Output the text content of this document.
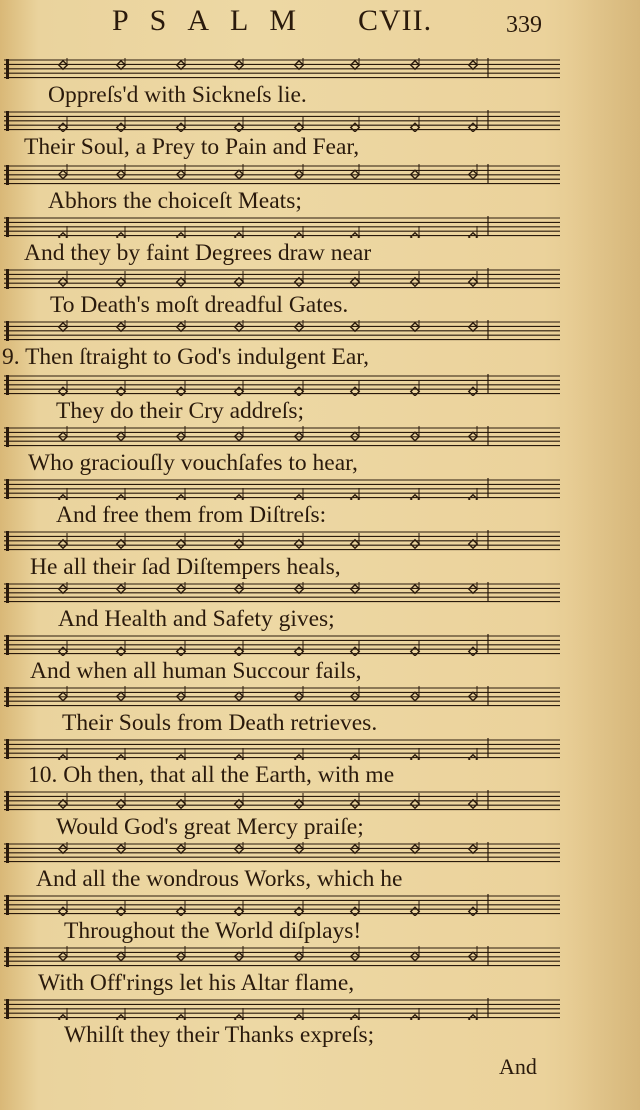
PSALM CVII.	339
Oppreſs'd with Sickneſs lie.
Their Soul, a Prey to Pain and Fear,
Abhors the choiceſt Meats;
And they by faint Degrees draw near
To Death's moſt dreadful Gates.
9. Then ſtraight to God's indulgent Ear,
They do their Cry addreſs;
Who graciouſly vouchſafes to hear,
And free them from Diſtreſs:
He all their ſad Diſtempers heals,
And Health and Safety gives;
And when all human Succour fails,
Their Souls from Death retrieves.
10. Oh then, that all the Earth, with me
Would God's great Mercy praiſe;
And all the wondrous Works, which he
Throughout the World diſplays!
With Off'rings let his Altar flame,
Whilſt they their Thanks expreſs;
And
